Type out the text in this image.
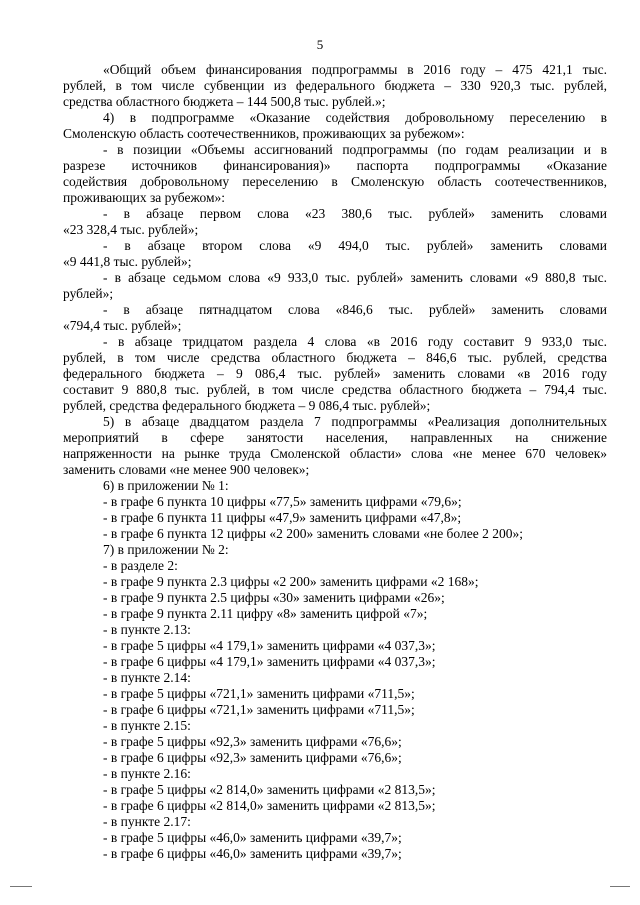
5
«Общий объем финансирования подпрограммы в 2016 году – 475 421,1 тыс.
рублей, в том числе субвенции из федерального бюджета – 330 920,3 тыс. рублей,
средства областного бюджета – 144 500,8 тыс. рублей.»;
4) в подпрограмме «Оказание содействия добровольному переселению в
Смоленскую область соотечественников, проживающих за рубежом»:
- в позиции «Объемы ассигнований подпрограммы (по годам реализации и в
разрезе источников финансирования)» паспорта подпрограммы «Оказание
содействия добровольному переселению в Смоленскую область соотечественников,
проживающих за рубежом»:
- в абзаце первом слова «23 380,6 тыс. рублей» заменить словами
«23 328,4 тыс. рублей»;
- в абзаце втором слова «9 494,0 тыс. рублей» заменить словами
«9 441,8 тыс. рублей»;
- в абзаце седьмом слова «9 933,0 тыс. рублей» заменить словами «9 880,8 тыс.
рублей»;
- в абзаце пятнадцатом слова «846,6 тыс. рублей» заменить словами
«794,4 тыс. рублей»;
- в абзаце тридцатом раздела 4 слова «в 2016 году составит 9 933,0 тыс.
рублей, в том числе средства областного бюджета – 846,6 тыс. рублей, средства
федерального бюджета – 9 086,4 тыс. рублей» заменить словами «в 2016 году
составит 9 880,8 тыс. рублей, в том числе средства областного бюджета – 794,4 тыс.
рублей, средства федерального бюджета – 9 086,4 тыс. рублей»;
5) в абзаце двадцатом раздела 7 подпрограммы «Реализация дополнительных
мероприятий в сфере занятости населения, направленных на снижение
напряженности на рынке труда Смоленской области» слова «не менее 670 человек»
заменить словами «не менее 900 человек»;
6) в приложении № 1:
- в графе 6 пункта 10 цифры «77,5» заменить цифрами «79,6»;
- в графе 6 пункта 11 цифры «47,9» заменить цифрами «47,8»;
- в графе 6 пункта 12 цифры «2 200» заменить словами «не более 2 200»;
7) в приложении № 2:
- в разделе 2:
- в графе 9 пункта 2.3 цифры «2 200» заменить цифрами «2 168»;
- в графе 9 пункта 2.5 цифры «30» заменить цифрами «26»;
- в графе 9 пункта 2.11 цифру «8» заменить цифрой «7»;
- в пункте 2.13:
- в графе 5 цифры «4 179,1» заменить цифрами «4 037,3»;
- в графе 6 цифры «4 179,1» заменить цифрами «4 037,3»;
- в пункте 2.14:
- в графе 5 цифры «721,1» заменить цифрами «711,5»;
- в графе 6 цифры «721,1» заменить цифрами «711,5»;
- в пункте 2.15:
- в графе 5 цифры «92,3» заменить цифрами «76,6»;
- в графе 6 цифры «92,3» заменить цифрами «76,6»;
- в пункте 2.16:
- в графе 5 цифры «2 814,0» заменить цифрами «2 813,5»;
- в графе 6 цифры «2 814,0» заменить цифрами «2 813,5»;
- в пункте 2.17:
- в графе 5 цифры «46,0» заменить цифрами «39,7»;
- в графе 6 цифры «46,0» заменить цифрами «39,7»;
